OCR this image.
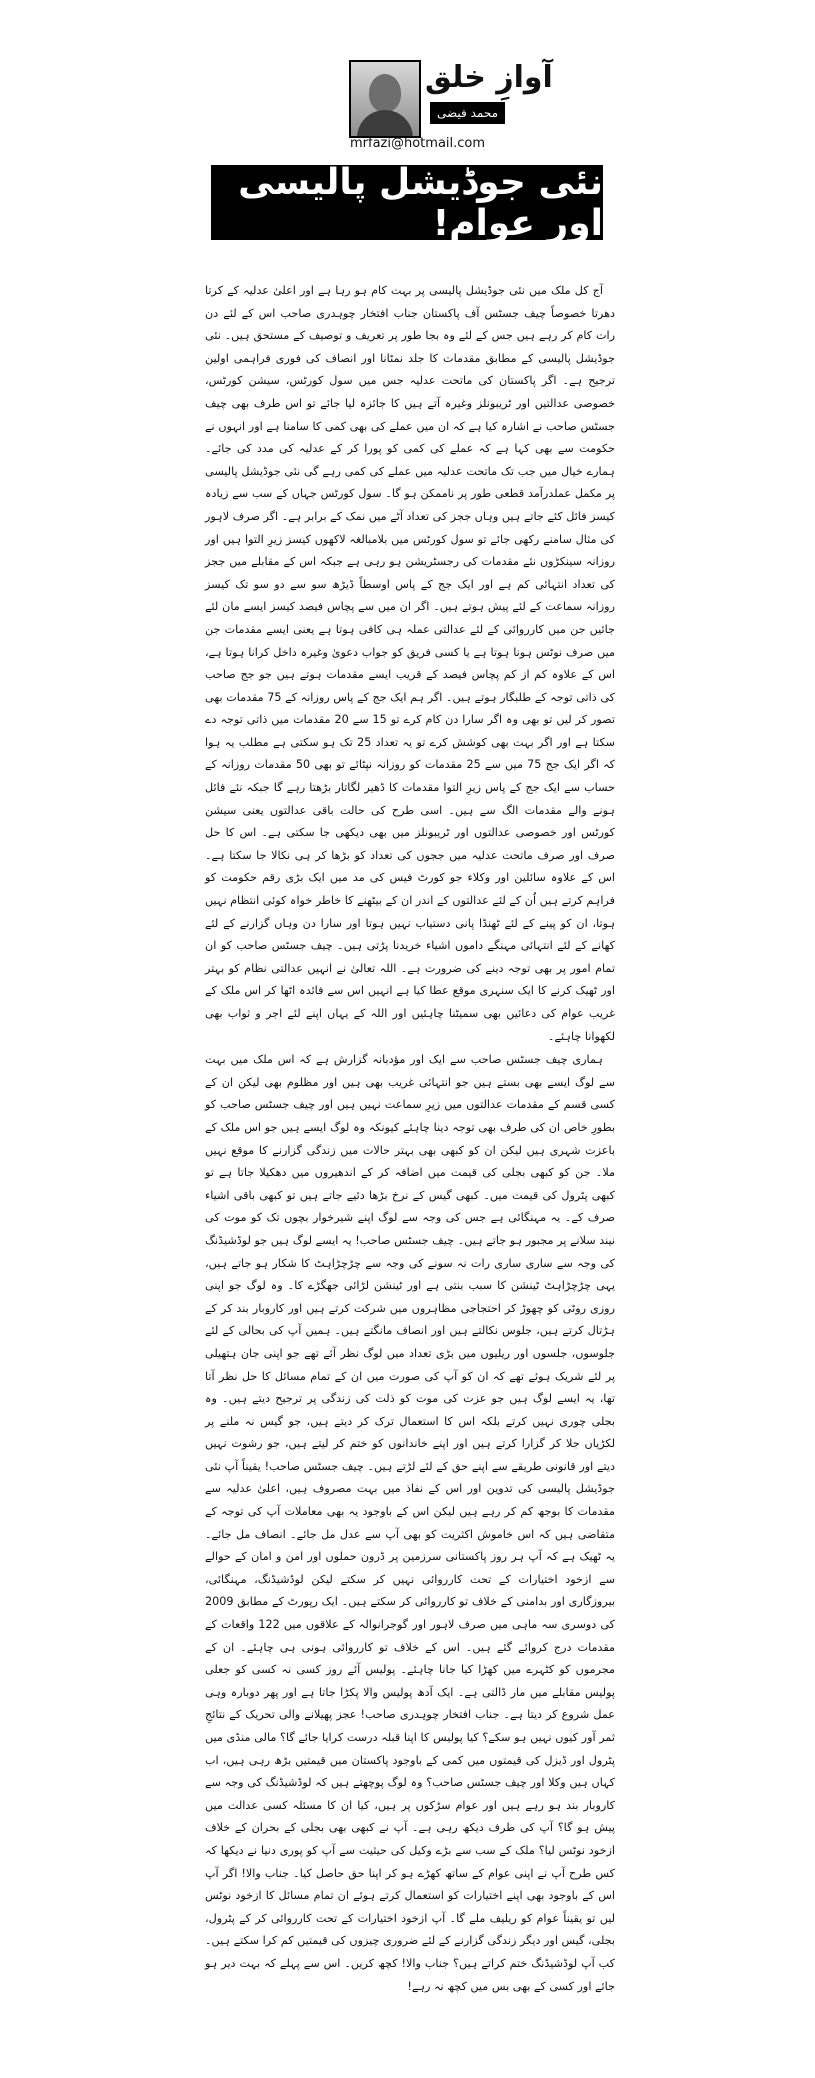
آوازِ خلق
محمد فیضی
mrfazi@hotmail.com
نئی جوڈیشل پالیسی اور عوام!

آج کل ملک میں نئی جوڈیشل پالیسی پر بہت کام ہو رہا ہے اور اعلیٰ عدلیہ کے کرتا دھرتا خصوصاً چیف جسٹس آف پاکستان جناب افتخار چوہدری صاحب اس کے لئے دن رات کام کر رہے ہیں جس کے لئے وہ بجا طور پر تعریف و توصیف کے مستحق ہیں۔ نئی جوڈیشل پالیسی کے مطابق مقدمات کا جلد نمٹانا اور انصاف کی فوری فراہمی اولین ترجیح ہے۔ اگر پاکستان کی ماتحت عدلیہ جس میں سول کورٹس، سیشن کورٹس، خصوصی عدالتیں اور ٹریبونلز وغیرہ آتے ہیں کا جائزہ لیا جائے تو اس طرف بھی چیف جسٹس صاحب نے اشارہ کیا ہے کہ ان میں عملے کی بھی کمی کا سامنا ہے اور انہوں نے حکومت سے بھی کہا ہے کہ عملے کی کمی کو پورا کر کے عدلیہ کی مدد کی جائے۔ ہمارے خیال میں جب تک ماتحت عدلیہ میں عملے کی کمی رہے گی نئی جوڈیشل پالیسی پر مکمل عملدرآمد قطعی طور پر ناممکن ہو گا۔ سول کورٹس جہاں کے سب سے زیادہ کیسز فائل کئے جاتے ہیں وہاں ججز کی تعداد آٹے میں نمک کے برابر ہے۔ اگر صرف لاہور کی مثال سامنے رکھی جائے تو سول کورٹس میں بلامبالغہ لاکھوں کیسز زیرِ التوا ہیں اور روزانہ سینکڑوں نئے مقدمات کی رجسٹریشن ہو رہی ہے جبکہ اس کے مقابلے میں ججز کی تعداد انتہائی کم ہے اور ایک جج کے پاس اوسطاً ڈیڑھ سو سے دو سو تک کیسز روزانہ سماعت کے لئے پیش ہوتے ہیں۔ اگر ان میں سے پچاس فیصد کیسز ایسے مان لئے جائیں جن میں کارروائی کے لئے عدالتی عملہ ہی کافی ہوتا ہے یعنی ایسے مقدمات جن میں صرف نوٹس ہونا ہوتا ہے یا کسی فریق کو جواب دعویٰ وغیرہ داخل کرانا ہوتا ہے، اس کے علاوہ کم از کم پچاس فیصد کے قریب ایسے مقدمات ہوتے ہیں جو جج صاحب کی ذاتی توجہ کے طلبگار ہوتے ہیں۔ اگر ہم ایک جج کے پاس روزانہ کے 75 مقدمات بھی تصور کر لیں تو بھی وہ اگر سارا دن کام کرے تو 15 سے 20 مقدمات میں ذاتی توجہ دے سکتا ہے اور اگر بہت بھی کوشش کرے تو یہ تعداد 25 تک ہو سکتی ہے مطلب یہ ہوا کہ اگر ایک جج 75 میں سے 25 مقدمات کو روزانہ نپٹائے تو بھی 50 مقدمات روزانہ کے حساب سے ایک جج کے پاس زیرِ التوا مقدمات کا ڈھیر لگاتار بڑھتا رہے گا جبکہ نئے فائل ہونے والے مقدمات الگ سے ہیں۔ اسی طرح کی حالت باقی عدالتوں یعنی سیشن کورٹس اور خصوصی عدالتوں اور ٹریبونلز میں بھی دیکھی جا سکتی ہے۔ اس کا حل صرف اور صرف ماتحت عدلیہ میں ججوں کی تعداد کو بڑھا کر ہی نکالا جا سکتا ہے۔ اس کے علاوہ سائلین اور وکلاء جو کورٹ فیس کی مد میں ایک بڑی رقم حکومت کو فراہم کرتے ہیں اُن کے لئے عدالتوں کے اندر ان کے بیٹھنے کا خاطر خواہ کوئی انتظام نہیں ہوتا، ان کو پینے کے لئے ٹھنڈا پانی دستیاب نہیں ہوتا اور سارا دن وہاں گزارنے کے لئے کھانے کے لئے انتہائی مہنگے داموں اشیاء خریدنا پڑتی ہیں۔ چیف جسٹس صاحب کو ان تمام امور پر بھی توجہ دینے کی ضرورت ہے۔ اللہ تعالیٰ نے انہیں عدالتی نظام کو بہتر اور ٹھیک کرنے کا ایک سنہری موقع عطا کیا ہے انہیں اس سے فائدہ اٹھا کر اس ملک کے غریب عوام کی دعائیں بھی سمیٹنا چاہئیں اور اللہ کے یہاں اپنے لئے اجر و ثواب بھی لکھوانا چاہئے۔

ہماری چیف جسٹس صاحب سے ایک اور مؤدبانہ گزارش ہے کہ اس ملک میں بہت سے لوگ ایسے بھی بستے ہیں جو انتہائی غریب بھی ہیں اور مظلوم بھی لیکن ان کے کسی قسم کے مقدمات عدالتوں میں زیرِ سماعت نہیں ہیں اور چیف جسٹس صاحب کو بطورِ خاص ان کی طرف بھی توجہ دینا چاہئے کیونکہ وہ لوگ ایسے ہیں جو اس ملک کے باعزت شہری ہیں لیکن ان کو کبھی بھی بہتر حالات میں زندگی گزارنے کا موقع نہیں ملا۔ جن کو کبھی بجلی کی قیمت میں اضافہ کر کے اندھیروں میں دھکیلا جاتا ہے تو کبھی پٹرول کی قیمت میں۔ کبھی گیس کے نرخ بڑھا دئیے جاتے ہیں تو کبھی باقی اشیاء صرف کے۔ یہ مہنگائی ہے جس کی وجہ سے لوگ اپنے شیرخوار بچوں تک کو موت کی نیند سلانے پر مجبور ہو جاتے ہیں۔ چیف جسٹس صاحب! یہ ایسے لوگ ہیں جو لوڈشیڈنگ کی وجہ سے ساری ساری رات نہ سونے کی وجہ سے چڑچڑاہٹ کا شکار ہو جاتے ہیں، یہی چڑچڑاہٹ ٹینشن کا سبب بنتی ہے اور ٹینشن لڑائی جھگڑے کا۔ وہ لوگ جو اپنی روزی روٹی کو چھوڑ کر احتجاجی مظاہروں میں شرکت کرتے ہیں اور کاروبار بند کر کے ہڑتال کرتے ہیں، جلوس نکالتے ہیں اور انصاف مانگتے ہیں۔ ہمیں آپ کی بحالی کے لئے جلوسوں، جلسوں اور ریلیوں میں بڑی تعداد میں لوگ نظر آئے تھے جو اپنی جان ہتھیلی پر لئے شریک ہوئے تھے کہ ان کو آپ کی صورت میں ان کے تمام مسائل کا حل نظر آتا تھا، یہ ایسے لوگ ہیں جو عزت کی موت کو ذلت کی زندگی پر ترجیح دیتے ہیں۔ وہ بجلی چوری نہیں کرتے بلکہ اس کا استعمال ترک کر دیتے ہیں، جو گیس نہ ملنے پر لکڑیاں جلا کر گزارا کرتے ہیں اور اپنے خاندانوں کو ختم کر لیتے ہیں، جو رشوت نہیں دیتے اور قانونی طریقے سے اپنے حق کے لئے لڑتے ہیں۔ چیف جسٹس صاحب! یقیناً آپ نئی جوڈیشل پالیسی کی تدوین اور اس کے نفاذ میں بہت مصروف ہیں، اعلیٰ عدلیہ سے مقدمات کا بوجھ کم کر رہے ہیں لیکن اس کے باوجود یہ بھی معاملات آپ کی توجہ کے متقاضی ہیں کہ اس خاموش اکثریت کو بھی آپ سے عدل مل جائے۔ انصاف مل جائے۔ یہ ٹھیک ہے کہ آپ ہر روز پاکستانی سرزمین پر ڈرون حملوں اور امن و امان کے حوالے سے ازخود اختیارات کے تحت کارروائی نہیں کر سکتے لیکن لوڈشیڈنگ، مہنگائی، بیروزگاری اور بدامنی کے خلاف تو کارروائی کر سکتے ہیں۔ ایک رپورٹ کے مطابق 2009 کی دوسری سہ ماہی میں صرف لاہور اور گوجرانوالہ کے علاقوں میں 122 واقعات کے مقدمات درج کروائے گئے ہیں۔ اس کے خلاف تو کارروائی ہونی ہی چاہئے۔ ان کے مجرموں کو کٹہرے میں کھڑا کیا جانا چاہئے۔ پولیس آئے روز کسی نہ کسی کو جعلی پولیس مقابلے میں مار ڈالتی ہے۔ ایک آدھ پولیس والا پکڑا جاتا ہے اور پھر دوبارہ وہی عمل شروع کر دیتا ہے۔ جناب افتخار چوہدری صاحب! عجز پھیلانے والی تحریک کے نتائجِ ثمر آور کیوں نہیں ہو سکے؟ کیا پولیس کا اپنا قبلہ درست کرایا جائے گا؟ مالی منڈی میں پٹرول اور ڈیزل کی قیمتوں میں کمی کے باوجود پاکستان میں قیمتیں بڑھ رہی ہیں، اب کہاں ہیں وکلا اور چیف جسٹس صاحب؟ وہ لوگ پوچھتے ہیں کہ لوڈشیڈنگ کی وجہ سے کاروبار بند ہو رہے ہیں اور عوام سڑکوں پر ہیں، کیا ان کا مسئلہ کسی عدالت میں پیش ہو گا؟ آپ کی طرف دیکھ رہی ہے۔ آپ نے کبھی بھی بجلی کے بحران کے خلاف ازخود نوٹس لیا؟ ملک کے سب سے بڑے وکیل کی حیثیت سے آپ کو پوری دنیا نے دیکھا کہ کس طرح آپ نے اپنی عوام کے ساتھ کھڑے ہو کر اپنا حق حاصل کیا۔ جناب والا! اگر آپ اس کے باوجود بھی اپنے اختیارات کو استعمال کرتے ہوئے ان تمام مسائل کا ازخود نوٹس لیں تو یقیناً عوام کو ریلیف ملے گا۔ آپ ازخود اختیارات کے تحت کارروائی کر کے پٹرول، بجلی، گیس اور دیگر زندگی گزارنے کے لئے ضروری چیزوں کی قیمتیں کم کرا سکتے ہیں۔ کب آپ لوڈشیڈنگ ختم کراتے ہیں؟ جناب والا! کچھ کریں۔ اس سے پہلے کہ بہت دیر ہو جائے اور کسی کے بھی بس میں کچھ نہ رہے!
